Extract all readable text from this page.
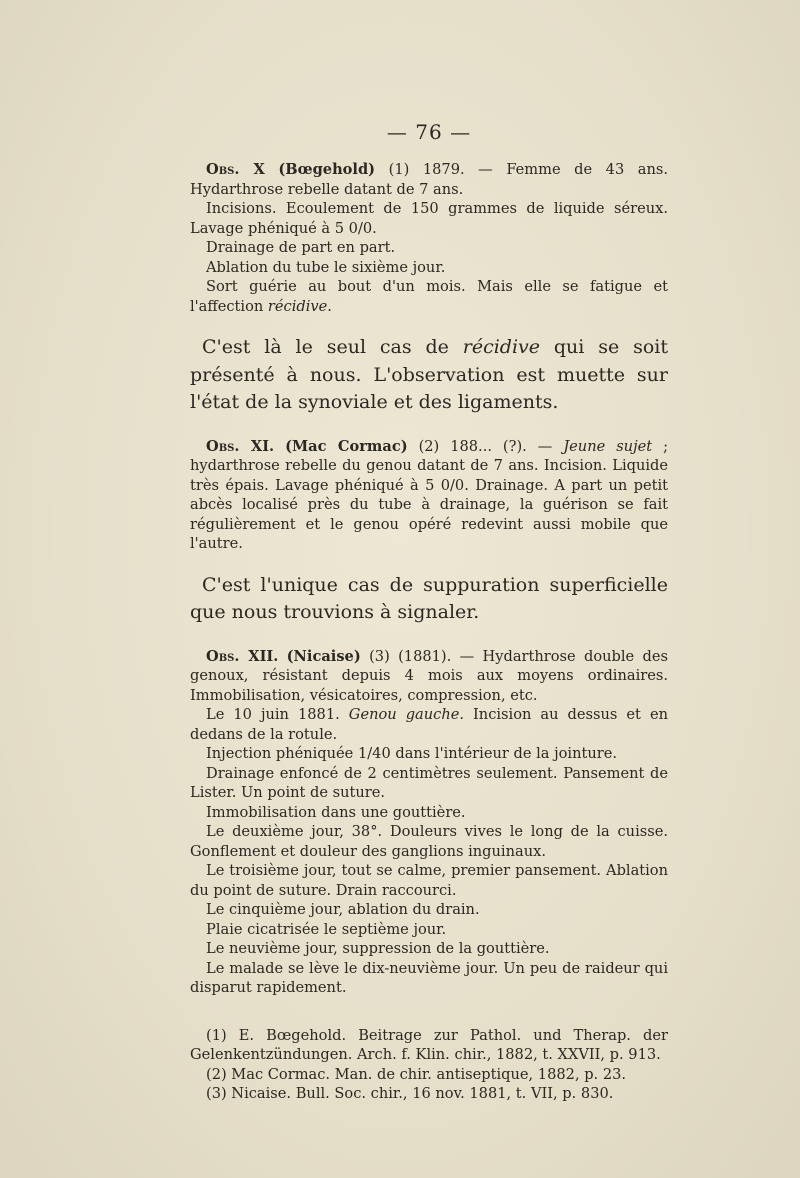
— 76 —

Obs. X (Bœgehold) (1) 1879. — Femme de 43 ans. Hydarthrose rebelle datant de 7 ans.

Incisions. Ecoulement de 150 grammes de liquide séreux. Lavage phéniqué à 5 0/0.

Drainage de part en part.

Ablation du tube le sixième jour.

Sort guérie au bout d'un mois. Mais elle se fatigue et l'affection récidive.

C'est là le seul cas de récidive qui se soit présenté à nous. L'observation est muette sur l'état de la synoviale et des ligaments.

Obs. XI. (Mac Cormac) (2) 188... (?). — Jeune sujet ; hydarthrose rebelle du genou datant de 7 ans. Incision. Liquide très épais. Lavage phéniqué à 5 0/0. Drainage. A part un petit abcès localisé près du tube à drainage, la guérison se fait régulièrement et le genou opéré redevint aussi mobile que l'autre.

C'est l'unique cas de suppuration superficielle que nous trouvions à signaler.

Obs. XII. (Nicaise) (3) (1881). — Hydarthrose double des genoux, résistant depuis 4 mois aux moyens ordinaires. Immobilisation, vésicatoires, compression, etc.

Le 10 juin 1881. Genou gauche. Incision au dessus et en dedans de la rotule.

Injection phéniquée 1/40 dans l'intérieur de la jointure.

Drainage enfoncé de 2 centimètres seulement. Pansement de Lister. Un point de suture.

Immobilisation dans une gouttière.

Le deuxième jour, 38°. Douleurs vives le long de la cuisse. Gonflement et douleur des ganglions inguinaux.

Le troisième jour, tout se calme, premier pansement. Ablation du point de suture. Drain raccourci.

Le cinquième jour, ablation du drain.

Plaie cicatrisée le septième jour.

Le neuvième jour, suppression de la gouttière.

Le malade se lève le dix-neuvième jour. Un peu de raideur qui disparut rapidement.

(1) E. Bœgehold. Beitrage zur Pathol. und Therap. der Gelenkentzündungen. Arch. f. Klin. chir., 1882, t. XXVII, p. 913.

(2) Mac Cormac. Man. de chir. antiseptique, 1882, p. 23.

(3) Nicaise. Bull. Soc. chir., 16 nov. 1881, t. VII, p. 830.
